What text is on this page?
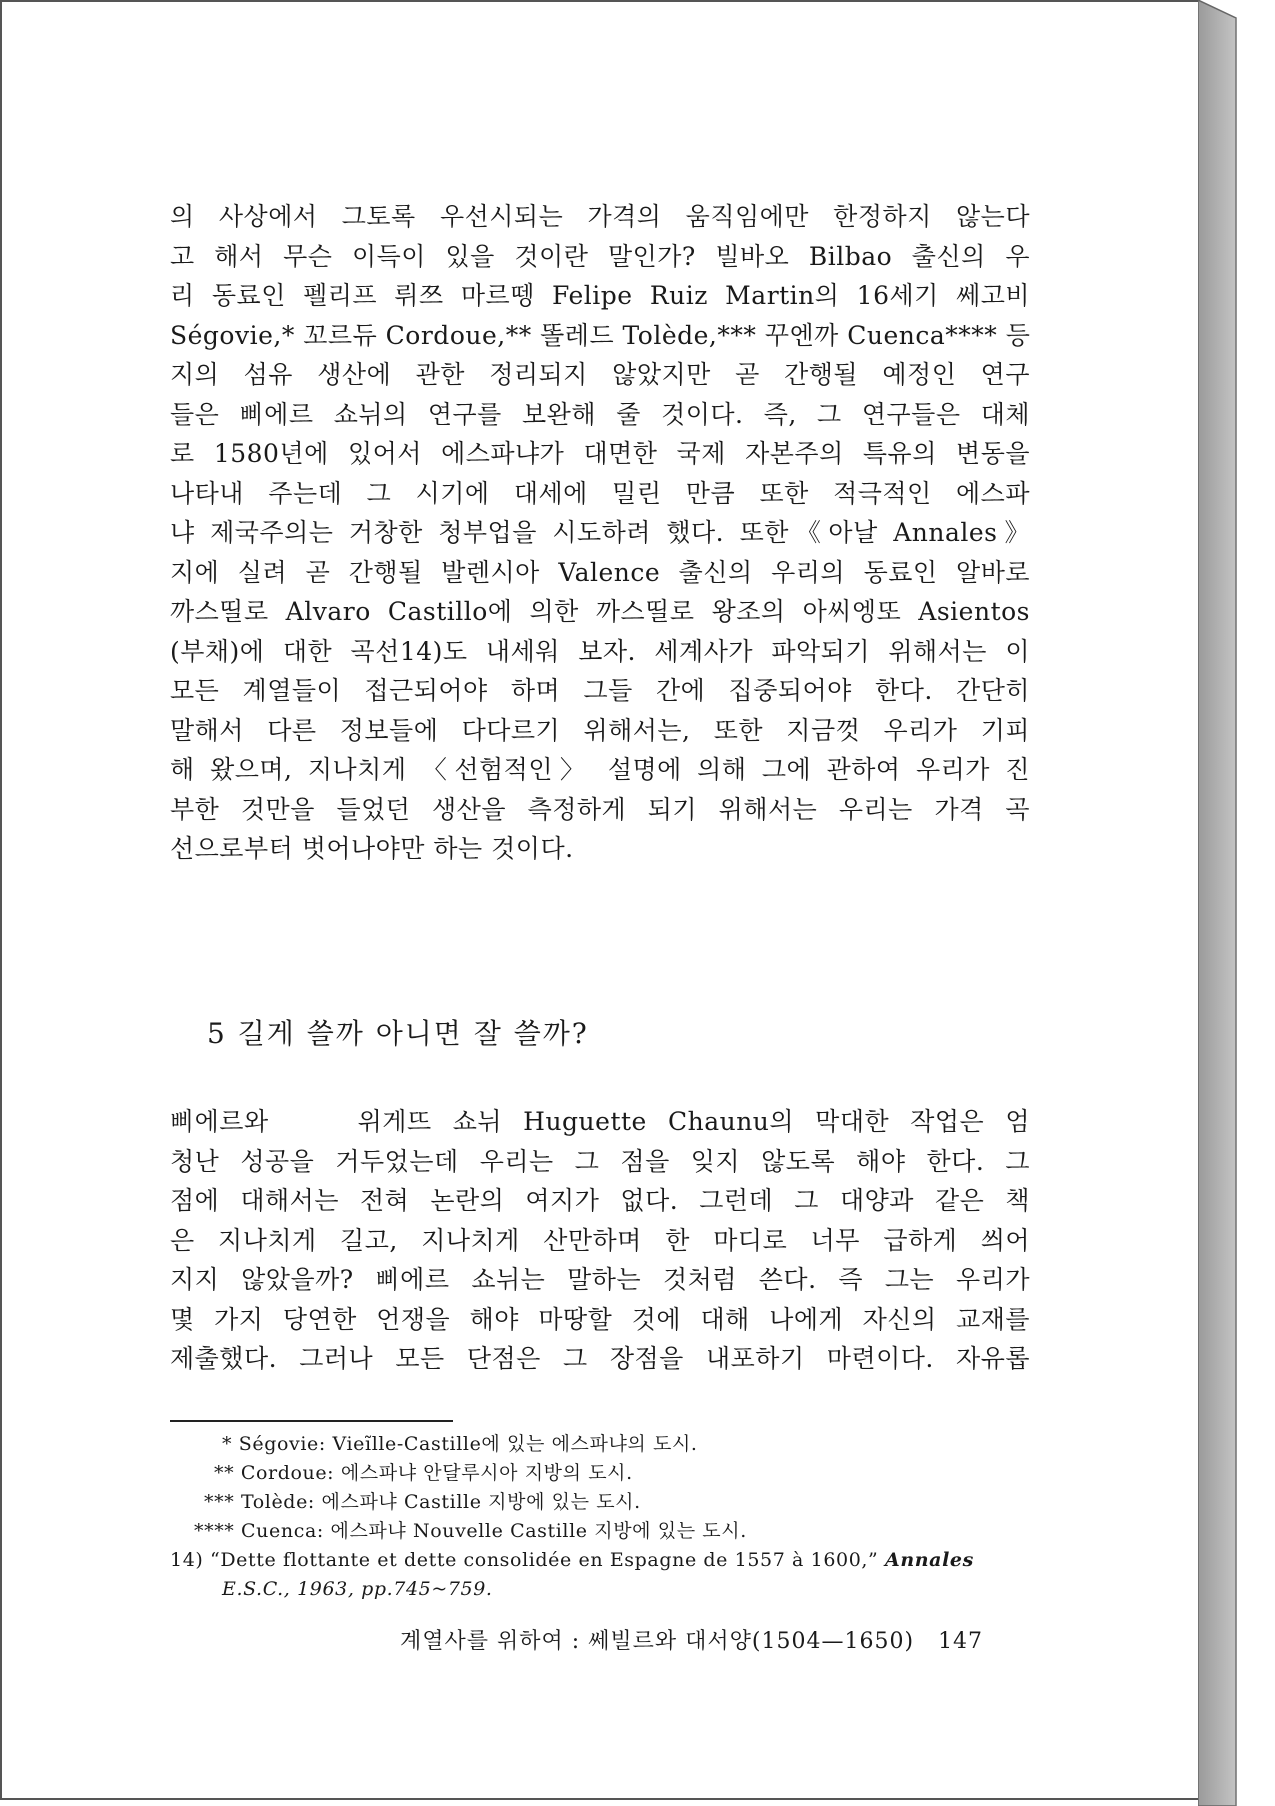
의 사상에서 그토록 우선시되는 가격의 움직임에만 한정하지 않는다
고 해서 무슨 이득이 있을 것이란 말인가? 빌바오 Bilbao 출신의 우
리 동료인 펠리프 뤼쯔 마르뗑 Felipe Ruiz Martin의 16세기 쎄고비
Ségovie,* 꼬르듀 Cordoue,** 똘레드 Tolède,*** 꾸엔까 Cuenca**** 등
지의 섬유 생산에 관한 정리되지 않았지만 곧 간행될 예정인 연구
들은 삐에르 쇼뉘의 연구를 보완해 줄 것이다. 즉, 그 연구들은 대체
로 1580년에 있어서 에스파냐가 대면한 국제 자본주의 특유의 변동을
나타내 주는데 그 시기에 대세에 밀린 만큼 또한 적극적인 에스파
냐 제국주의는 거창한 청부업을 시도하려 했다. 또한《아날 Annales》
지에 실려 곧 간행될 발렌시아 Valence 출신의 우리의 동료인 알바로
까스띨로 Alvaro Castillo에 의한 까스띨로 왕조의 아씨엥또 Asientos
(부채)에 대한 곡선14)도 내세워 보자. 세계사가 파악되기 위해서는 이
모든 계열들이 접근되어야 하며 그들 간에 집중되어야 한다. 간단히
말해서 다른 정보들에 다다르기 위해서는, 또한 지금껏 우리가 기피
해 왔으며, 지나치게 〈선험적인〉 설명에 의해 그에 관하여 우리가 진
부한 것만을 들었던 생산을 측정하게 되기 위해서는 우리는 가격 곡
선으로부터 벗어나야만 하는 것이다.
5 길게 쓸까 아니면 잘 쓸까?
삐에르와　　위게뜨 쇼뉘 Huguette Chaunu의 막대한 작업은 엄
청난 성공을 거두었는데 우리는 그 점을 잊지 않도록 해야 한다. 그
점에 대해서는 전혀 논란의 여지가 없다. 그런데 그 대양과 같은 책
은 지나치게 길고, 지나치게 산만하며 한 마디로 너무 급하게 씌어
지지 않았을까? 삐에르 쇼뉘는 말하는 것처럼 쓴다. 즉 그는 우리가
몇 가지 당연한 언쟁을 해야 마땅할 것에 대해 나에게 자신의 교재를
제출했다. 그러나 모든 단점은 그 장점을 내포하기 마련이다. 자유롭
* Ségovie: Vieĩlle-Castille에 있는 에스파냐의 도시.
** Cordoue: 에스파냐 안달루시아 지방의 도시.
*** Tolède: 에스파냐 Castille 지방에 있는 도시.
**** Cuenca: 에스파냐 Nouvelle Castille 지방에 있는 도시.
14) “Dette flottante et dette consolidée en Espagne de 1557 à 1600,” Annales
E.S.C., 1963, pp.745~759.
계열사를 위하여 : 쎄빌르와 대서양(1504—1650) 147
